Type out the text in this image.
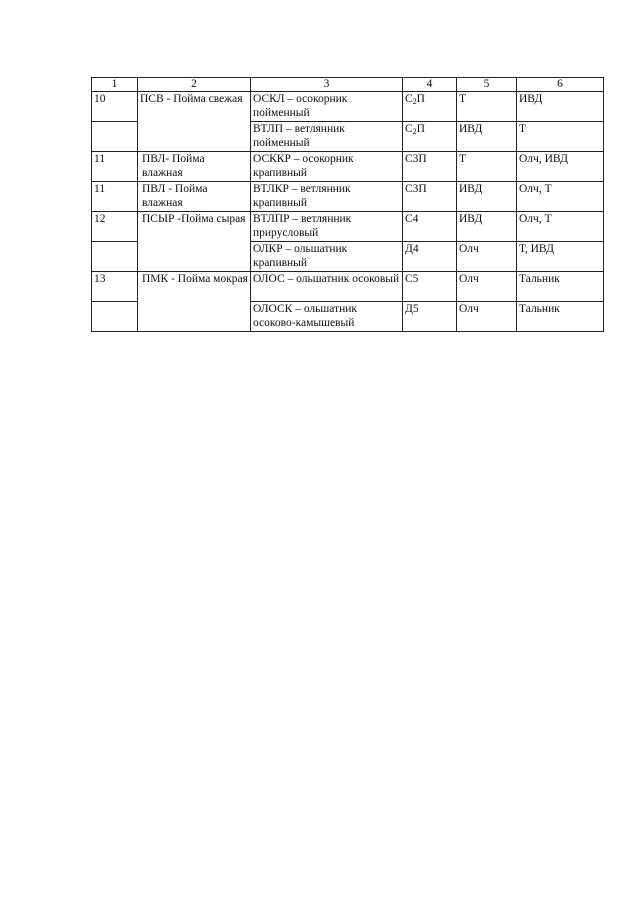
1	2	3	4	5	6
10	ПСВ - Пойма свежая	ОСКЛ – осокорник пойменный	$С_2П$	Т	ИВД
		ВТЛП – ветлянник пойменный	$С_2П$	ИВД	Т
11	ПВЛ- Пойма влажная	ОСККР – осокорник крапивный	С3П	Т	Олч, ИВД
11	ПВЛ - Пойма влажная	ВТЛКР – ветлянник крапивный	С3П	ИВД	Олч, Т
12	ПСЫР -Пойма сырая	ВТЛПР – ветлянник прирусловый	С4	ИВД	Олч, Т
		ОЛКР – ольшатник крапивный	Д4	Олч	Т, ИВД
13	ПМК - Пойма мокрая	ОЛОС – ольшатник осоковый	С5	Олч	Тальник
		ОЛОСК – ольшатник осоково-камышевый	Д5	Олч	Тальник
